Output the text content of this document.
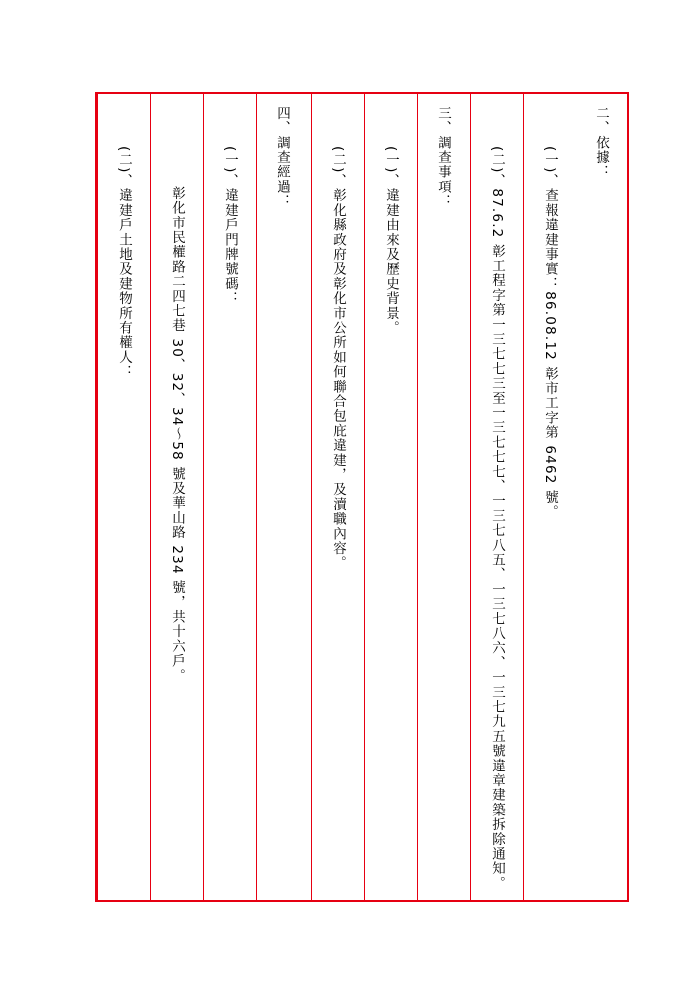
二、依據：
(一)、查報違建事實：86.08.12 彰市工字第 6462 號。
(二)、87.6.2 彰工程字第一三七七三至一三七七七、一三七八五、一三七八六、一三七九五號違章建築拆除通知。
三、調查事項：
(一)、違建由來及歷史背景。
(二)、彰化縣政府及彰化市公所如何聯合包庇違建，及瀆職內容。
四、調查經過：
(一)、違建戶門牌號碼：
彰化市民權路二四七巷 30、32、34～58 號及華山路 234 號，共十六戶。
(二)、違建戶土地及建物所有權人：
